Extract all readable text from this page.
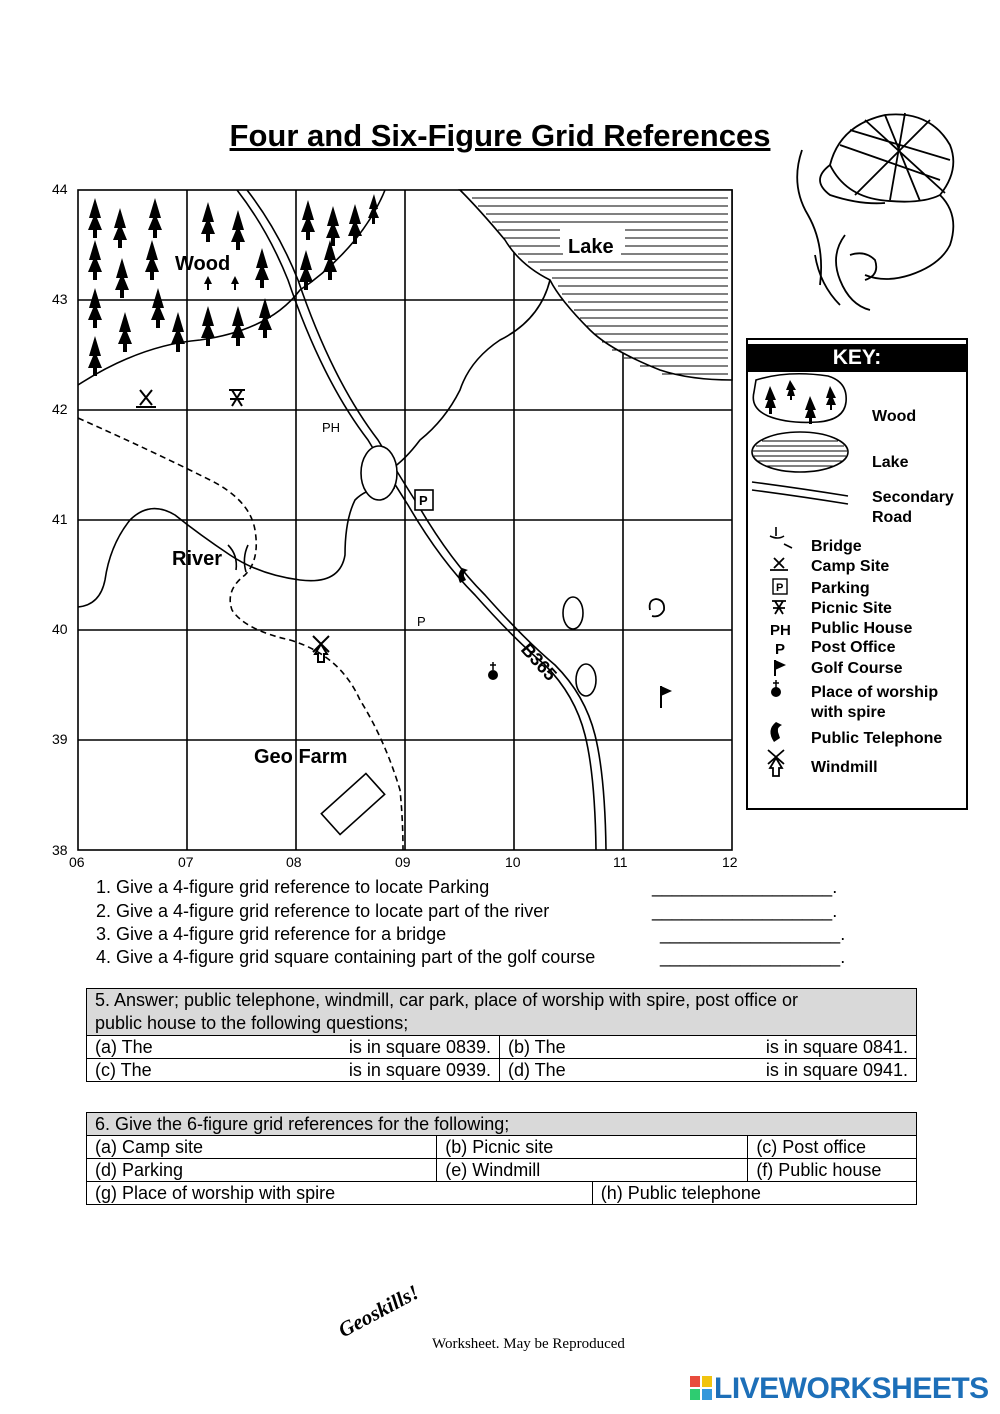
Four and Six-Figure Grid References
44
43
42
41
40
39
38
06	07	08	09	10	11	12
Wood
Lake
B365
River
PH
P
P
Geo Farm
KEY:
P
PH
P
Wood
Lake
Secondary
Road
Bridge
Camp Site
Parking
Picnic Site
Public House
Post Office
Golf Course
Place of worship
with spire
Public Telephone
Windmill
1. Give a 4-figure grid reference to locate Parking	__________________.
2. Give a 4-figure grid reference to locate part of the river	__________________.
3. Give a 4-figure grid reference for a bridge	__________________.
4. Give a 4-figure grid square containing part of the golf course	__________________.
5. Answer; public telephone, windmill, car park, place of worship with spire, post office or
public house to the following questions;	
(a) The is in square 0839.	(b) The is in square 0841.

(c) The is in square 0939.	(d) The is in square 0941.
6. Give the 6-figure grid references for the following;			
(a) Camp site	(b) Picnic site		(c) Post office
(d) Parking	(e) Windmill		(f) Public house
(g) Place of worship with spire		(h) Public telephone	
Geoskills!
Worksheet. May be Reproduced
LIVEWORKSHEETS
